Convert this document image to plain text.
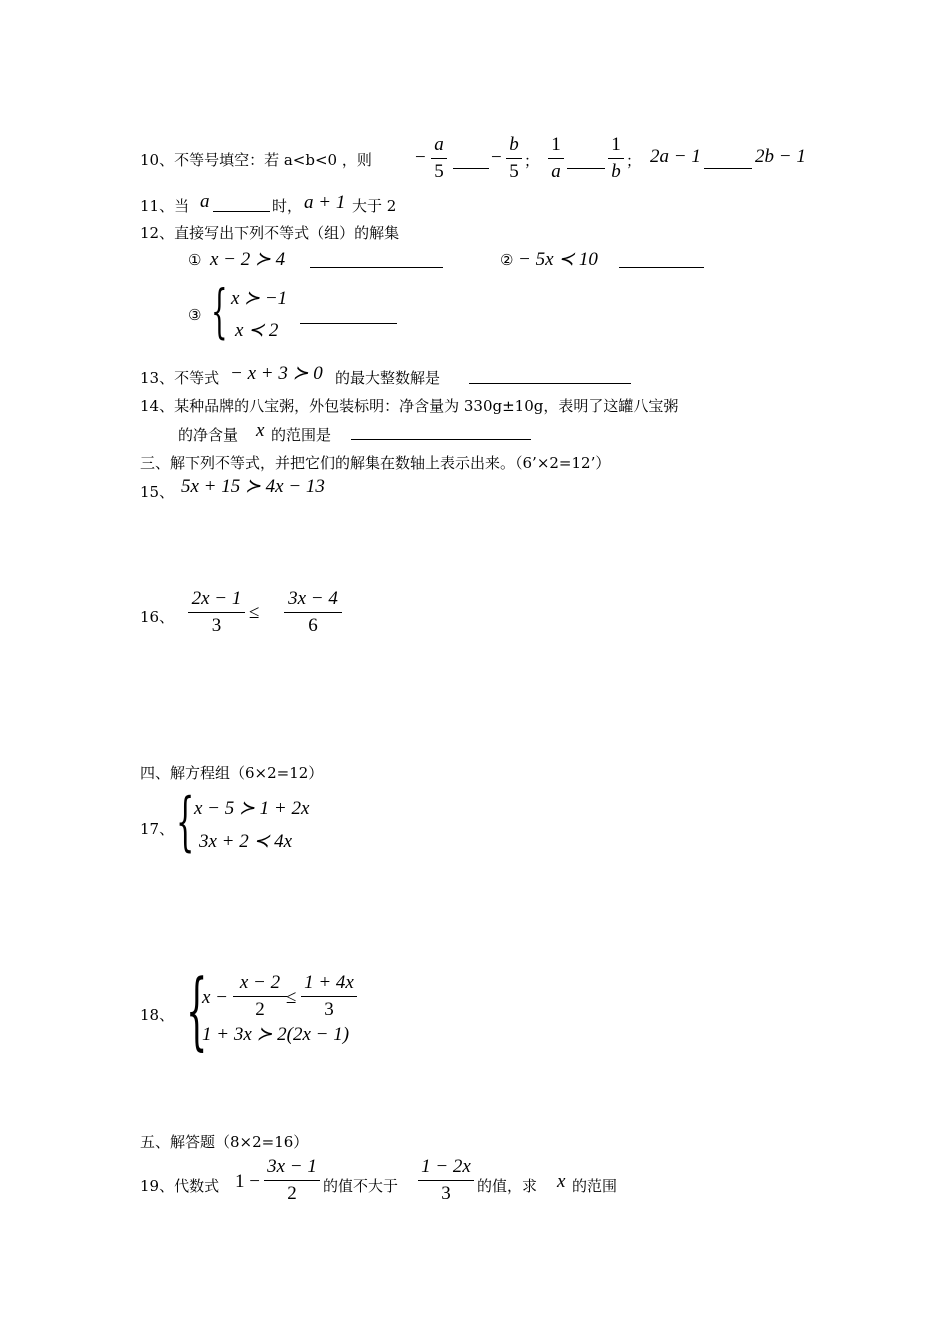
10、不等号填空：若 a<b<0 ，则 −
a
5
−
b
5 ；
1
a
1
b ； 2a − 1	2b − 1
11、当 a	时， a + 1 大于 2
12、直接写出下列不等式（组）的解集
① x − 2 ≻ 4	② − 5x ≺ 10
③ { x ≻ −1
x ≺ 2
13、不等式 − x + 3 ≻ 0 的最大整数解是
14、某种品牌的八宝粥，外包装标明：净含量为 330g±10g，表明了这罐八宝粥
的净含量 x 的范围是
三、解下列不等式，并把它们的解集在数轴上表示出来。（6’×2=12’）
15、 5x + 15 ≻ 4x − 13
16、
2x − 1
3
≤
3x − 4
6
四、解方程组（6×2=12）
17、 { x − 5 ≻ 1 + 2x
3x + 2 ≺ 4x
18、 {
x −
x − 2
2
≤
1 + 4x
3
1 + 3x ≻ 2(2x − 1)
五、解答题（8×2=16）
19、代数式 1 −
3x − 1
2	的值不大于
1 − 2x
3	的值，求 x 的范围
